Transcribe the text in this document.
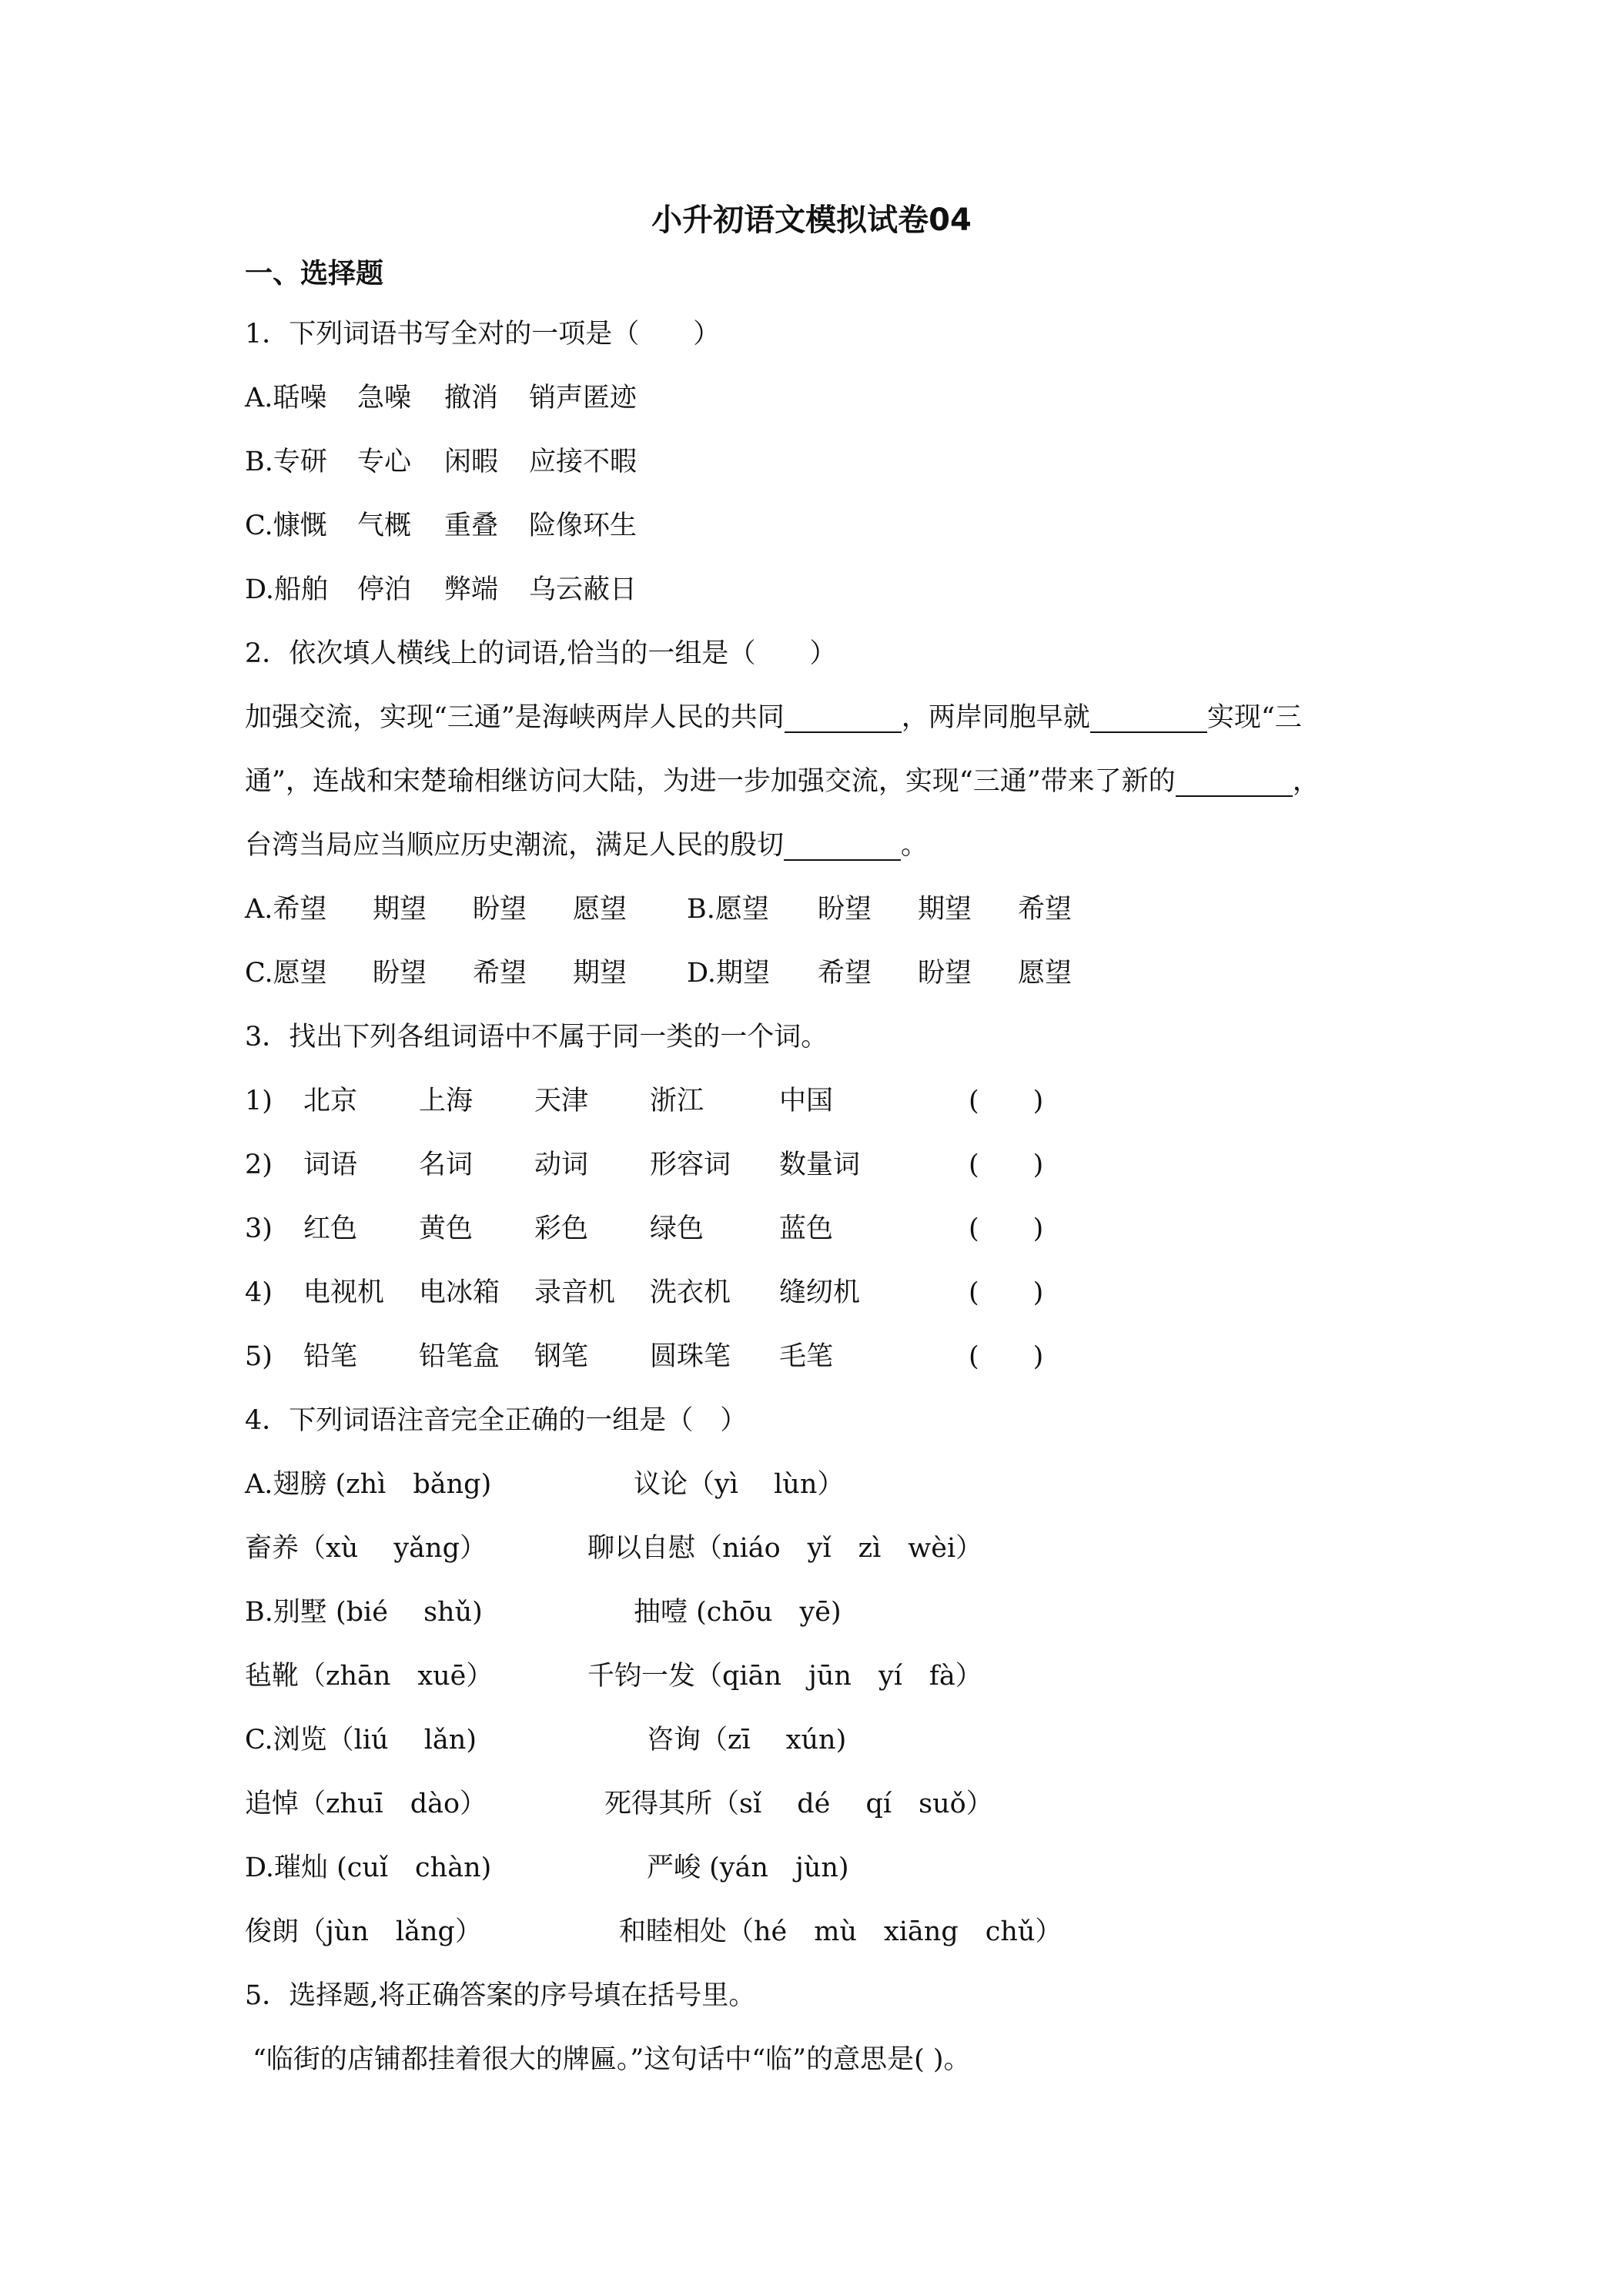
小升初语文模拟试卷04
一、选择题
1．下列词语书写全对的一项是（　　）
A.聒噪 急噪 撤消 销声匿迹
B.专研 专心 闲暇 应接不暇
C.慷慨 气概 重叠 险像环生
D.船舶 停泊 弊端 乌云蔽日
2．依次填人横线上的词语,恰当的一组是（　　）
加强交流，实现“三通”是海峡两岸人民的共同	，两岸同胞早就	实现“三
通”，连战和宋楚瑜相继访问大陆，为进一步加强交流，实现“三通”带来了新的	，
台湾当局应当顺应历史潮流，满足人民的殷切	。
A.希望 期望 盼望 愿望 B.愿望 盼望 期望 希望
C.愿望 盼望 希望 期望 D.期望 希望 盼望 愿望
3．找出下列各组词语中不属于同一类的一个词。
1) 北京 上海 天津 浙江	中国	(　　)
2) 词语 名词 动词 形容词 数量词	(　　)
3) 红色 黄色 彩色 绿色	蓝色	(　　)
4) 电视机 电冰箱 录音机 洗衣机 缝纫机	(　　)
5) 铅笔 铅笔盒 钢笔 圆珠笔 毛笔	(　　)
4．下列词语注音完全正确的一组是（　）
A.翅膀 (zhì　bǎng)	议论（yì　 lùn）
畜养（xù　 yǎng）	聊以自慰（niáo　yǐ　zì　wèi）
B.别墅 (bié　 shǔ)	抽噎 (chōu　yē)
毡靴（zhān　xuē）	千钧一发（qiān　jūn　yí　fà）
C.浏览（liú　 lǎn)	咨询（zī　 xún)
追悼（zhuī　dào）	死得其所（sǐ　 dé　 qí　suǒ）
D.璀灿 (cuǐ　chàn)	严峻 (yán　jùn)
俊朗（jùn　lǎng）	和睦相处（hé　mù　xiāng　chǔ）
5．选择题,将正确答案的序号填在括号里。
“临街的店铺都挂着很大的牌匾。”这句话中“临”的意思是( )。
